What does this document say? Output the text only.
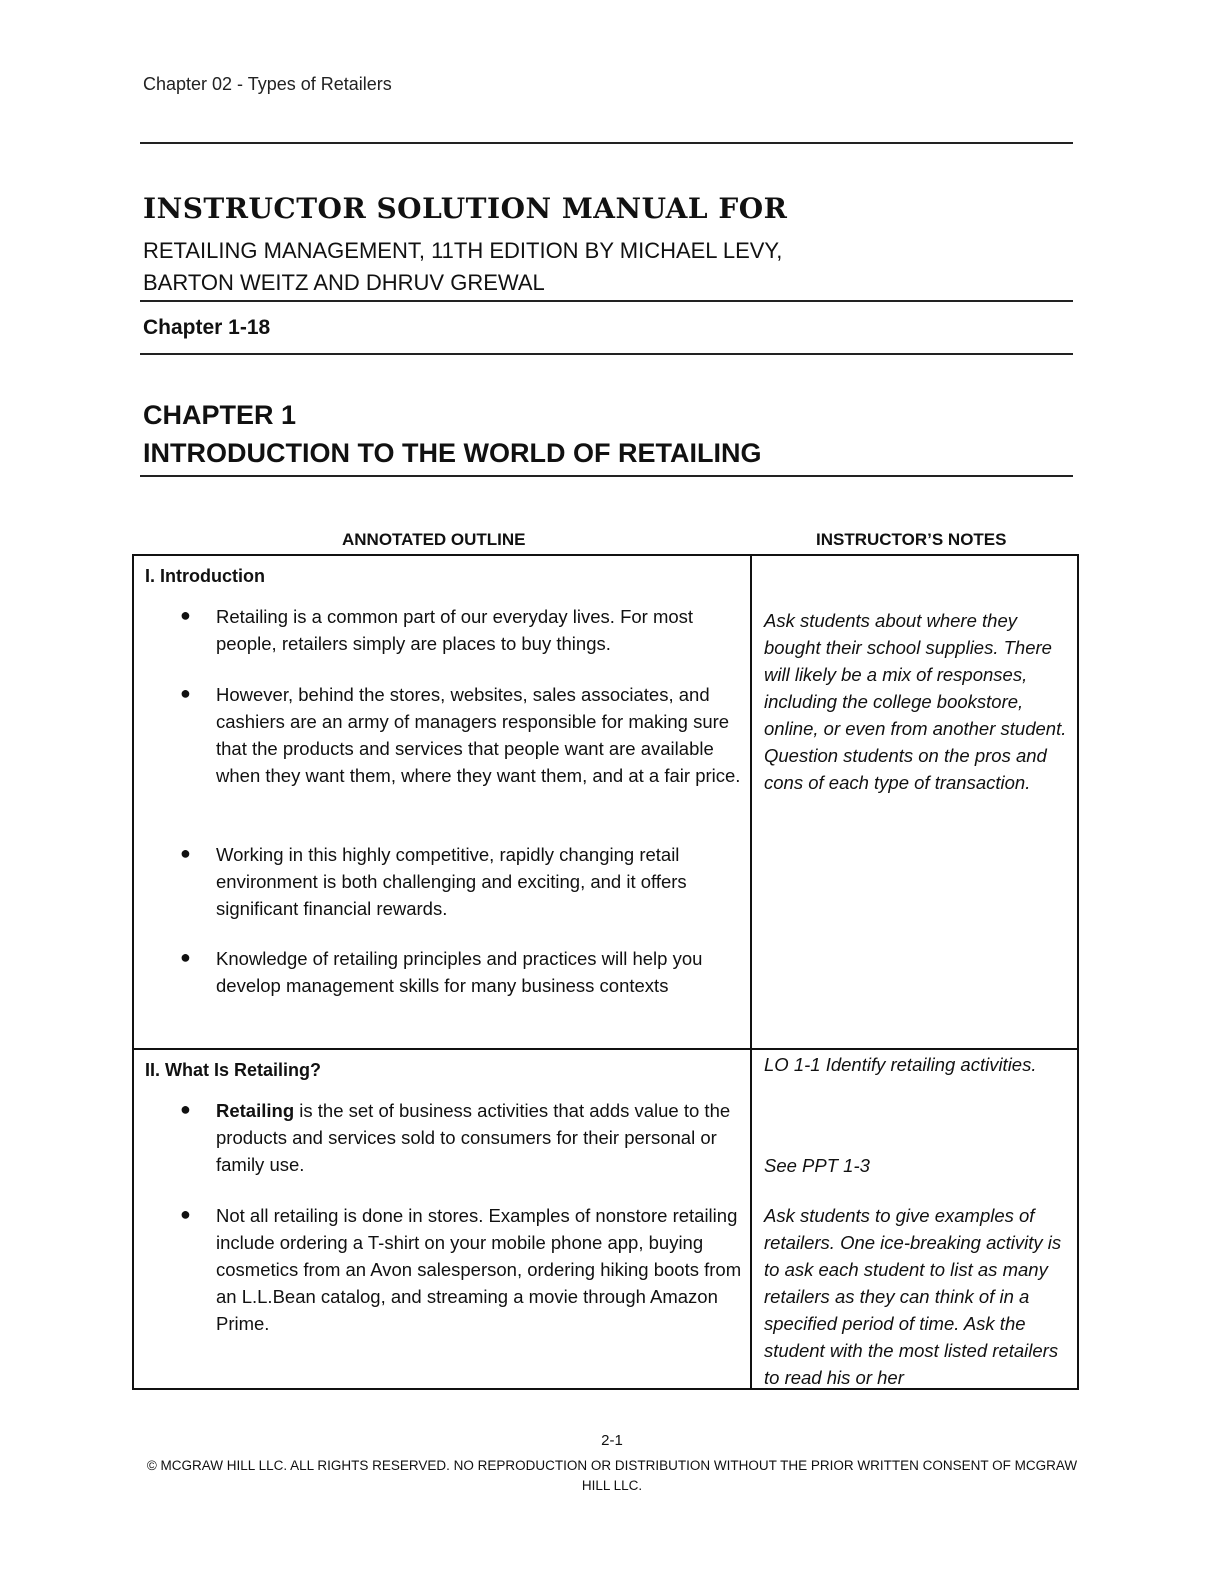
Chapter 02 - Types of Retailers
INSTRUCTOR SOLUTION MANUAL FOR
RETAILING MANAGEMENT, 11TH EDITION BY MICHAEL LEVY,
BARTON WEITZ AND DHRUV GREWAL
Chapter 1-18
CHAPTER 1
INTRODUCTION TO THE WORLD OF RETAILING
ANNOTATED OUTLINE	INSTRUCTOR’S NOTES
I. Introduction
● Retailing is a common part of our everyday lives. For most people, retailers simply are places to buy things.
● However, behind the stores, websites, sales associates, and cashiers are an army of managers responsible for making sure that the products and services that people want are available when they want them, where they want them, and at a fair price.
● Working in this highly competitive, rapidly changing retail environment is both challenging and exciting, and it offers significant financial rewards.
● Knowledge of retailing principles and practices will help you develop management skills for many business contexts
Ask students about where they bought their school supplies. There will likely be a mix of responses, including the college bookstore, online, or even from another student. Question students on the pros and cons of each type of transaction.
II. What Is Retailing?
● Retailing is the set of business activities that adds value to the products and services sold to consumers for their personal or family use.
● Not all retailing is done in stores. Examples of nonstore retailing include ordering a T-shirt on your mobile phone app, buying cosmetics from an Avon salesperson, ordering hiking boots from an L.L.Bean catalog, and streaming a movie through Amazon Prime.
LO 1-1 Identify retailing activities.
See PPT 1-3
Ask students to give examples of retailers. One ice-breaking activity is to ask each student to list as many retailers as they can think of in a specified period of time. Ask the student with the most listed retailers to read his or her
2-1
© MCGRAW HILL LLC. ALL RIGHTS RESERVED. NO REPRODUCTION OR DISTRIBUTION WITHOUT THE PRIOR WRITTEN CONSENT OF MCGRAW HILL LLC.
